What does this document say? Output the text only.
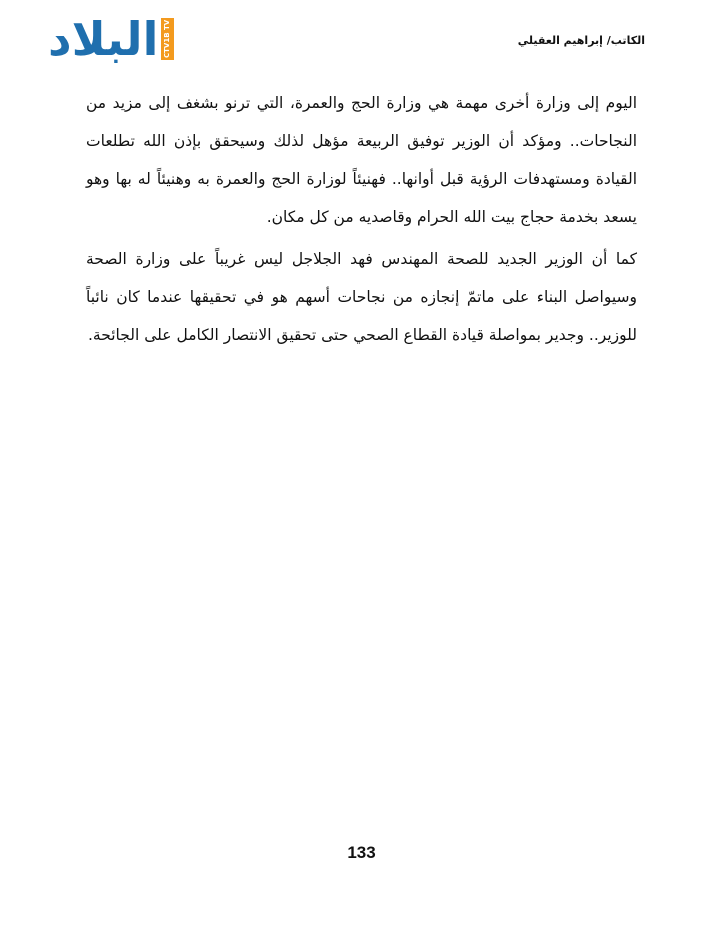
البلاد CTV1B TV	الكاتب/ إبراهيم العقيلي

اليوم إلى وزارة أخرى مهمة هي وزارة الحج والعمرة، التي ترنو بشغف إلى مزيد من النجاحات.. ومؤكد أن الوزير توفيق الربيعة مؤهل لذلك وسيحقق بإذن الله تطلعات القيادة ومستهدفات الرؤية قبل أوانها.. فهنيئاً لوزارة الحج والعمرة به وهنيئاً له بها وهو يسعد بخدمة حجاج بيت الله الحرام وقاصديه من كل مكان.

كما أن الوزير الجديد للصحة المهندس فهد الجلاجل ليس غريباً على وزارة الصحة وسيواصل البناء على ماتمّ إنجازه من نجاحات أسهم هو في تحقيقها عندما كان نائباً للوزير.. وجدير بمواصلة قيادة القطاع الصحي حتى تحقيق الانتصار الكامل على الجائحة.

133
